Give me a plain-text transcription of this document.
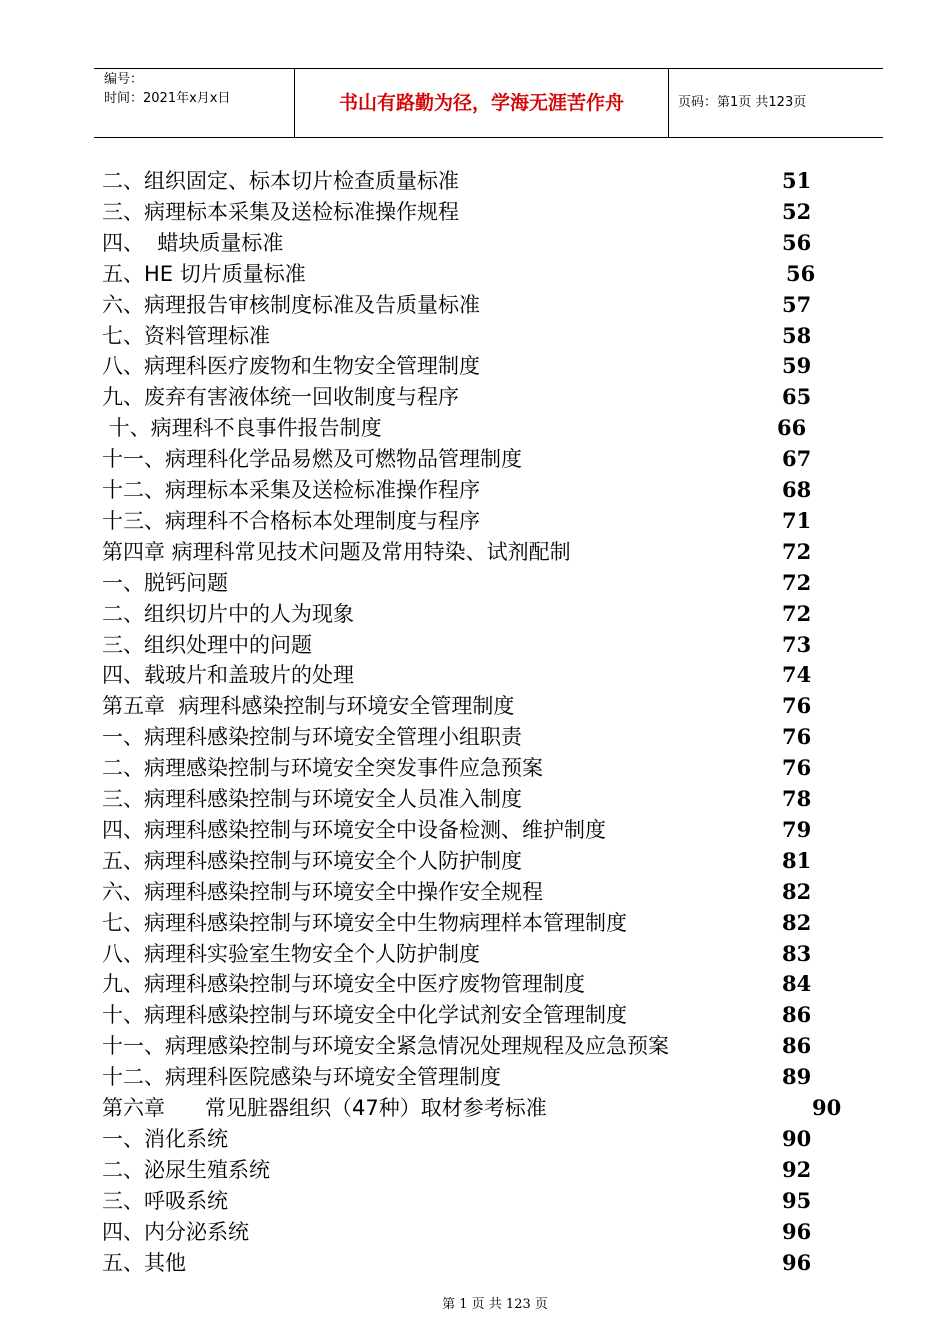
编号：
时间：2021年x月x日	书山有路勤为径，学海无涯苦作舟	页码：第1页 共123页
二、组织固定、标本切片检查质量标准	51
三、病理标本采集及送检标准操作规程	52
四、  蜡块质量标准	56
五、HE 切片质量标准	56
六、病理报告审核制度标准及告质量标准	57
七、资料管理标准	58
八、病理科医疗废物和生物安全管理制度	59
九、废弃有害液体统一回收制度与程序	65
十、病理科不良事件报告制度	66
十一、病理科化学品易燃及可燃物品管理制度	67
十二、病理标本采集及送检标准操作程序	68
十三、病理科不合格标本处理制度与程序	71
第四章 病理科常见技术问题及常用特染、试剂配制	72
一、脱钙问题	72
二、组织切片中的人为现象	72
三、组织处理中的问题	73
四、载玻片和盖玻片的处理	74
第五章  病理科感染控制与环境安全管理制度	76
一、病理科感染控制与环境安全管理小组职责	76
二、病理感染控制与环境安全突发事件应急预案	76
三、病理科感染控制与环境安全人员准入制度	78
四、病理科感染控制与环境安全中设备检测、维护制度	79
五、病理科感染控制与环境安全个人防护制度	81
六、病理科感染控制与环境安全中操作安全规程	82
七、病理科感染控制与环境安全中生物病理样本管理制度	82
八、病理科实验室生物安全个人防护制度	83
九、病理科感染控制与环境安全中医疗废物管理制度	84
十、病理科感染控制与环境安全中化学试剂安全管理制度	86
十一、病理感染控制与环境安全紧急情况处理规程及应急预案	86
十二、病理科医院感染与环境安全管理制度	89
第六章      常见脏器组织（47种）取材参考标准	90
一、消化系统	90
二、泌尿生殖系统	92
三、呼吸系统	95
四、内分泌系统	96
五、其他	96
第 1 页 共 123 页
